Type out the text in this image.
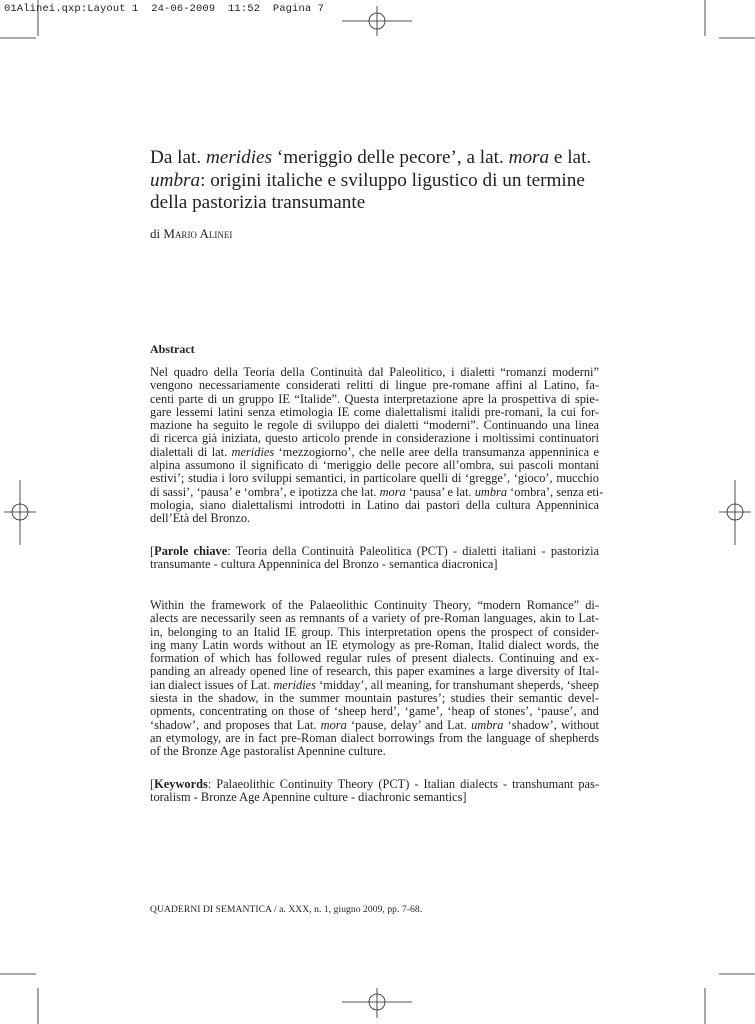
01Alinei.qxp:Layout 1  24-06-2009  11:52  Pagina 7
Da lat. meridies ‘meriggio delle pecore’, a lat. mora e lat.
umbra: origini italiche e sviluppo ligustico di un termine
della pastorizia transumante

di Mario Alinei

Abstract
Nel quadro della Teoria della Continuità dal Paleolitico, i dialetti “romanzi moderni”
vengono necessariamente considerati relitti di lingue pre-romane affini al Latino, fa-
centi parte di un gruppo IE “Italide”. Questa interpretazione apre la prospettiva di spie-
gare lessemi latini senza etimologia IE come dialettalismi italidi pre-romani, la cui for-
mazione ha seguito le regole di sviluppo dei dialetti “moderni”. Continuando una linea
di ricerca già iniziata, questo articolo prende in considerazione i moltissimi continuatori
dialettali di lat. meridies ‘mezzogiorno’, che nelle aree della transumanza appenninica e
alpina assumono il significato di ‘meriggio delle pecore all’ombra, sui pascoli montani
estivi’; studia i loro sviluppi semantici, in particolare quelli di ‘gregge’, ‘gioco’, mucchio
di sassi’, ‘pausa’ e ‘ombra’, e ipotizza che lat. mora ‘pausa’ e lat. umbra ‘ombra’, senza eti-
mologia, siano dialettalismi introdotti in Latino dai pastori della cultura Appenninica
dell’Età del Bronzo.
[Parole chiave: Teoria della Continuità Paleolitica (PCT) - dialetti italiani - pastorizia
transumante - cultura Appenninica del Bronzo - semantica diacronica]
Within the framework of the Palaeolithic Continuity Theory, “modern Romance” di-
alects are necessarily seen as remnants of a variety of pre-Roman languages, akin to Lat-
in, belonging to an Italid IE group. This interpretation opens the prospect of consider-
ing many Latin words without an IE etymology as pre-Roman, Italid dialect words, the
formation of which has followed regular rules of present dialects. Continuing and ex-
panding an already opened line of research, this paper examines a large diversity of Ital-
ian dialect issues of Lat. meridies ‘midday’, all meaning, for transhumant sheperds, ‘sheep
siesta in the shadow, in the summer mountain pastures’; studies their semantic devel-
opments, concentrating on those of ‘sheep herd’, ‘game’, ‘heap of stones’, ‘pause’, and
‘shadow’, and proposes that Lat. mora ‘pause, delay’ and Lat. umbra ‘shadow’, without
an etymology, are in fact pre-Roman dialect borrowings from the language of shepherds
of the Bronze Age pastoralist Apennine culture.
[Keywords: Palaeolithic Continuity Theory (PCT) - Italian dialects - transhumant pas-
toralism - Bronze Age Apennine culture - diachronic semantics]

QUADERNI DI SEMANTICA / a. XXX, n. 1, giugno 2009, pp. 7-68.
